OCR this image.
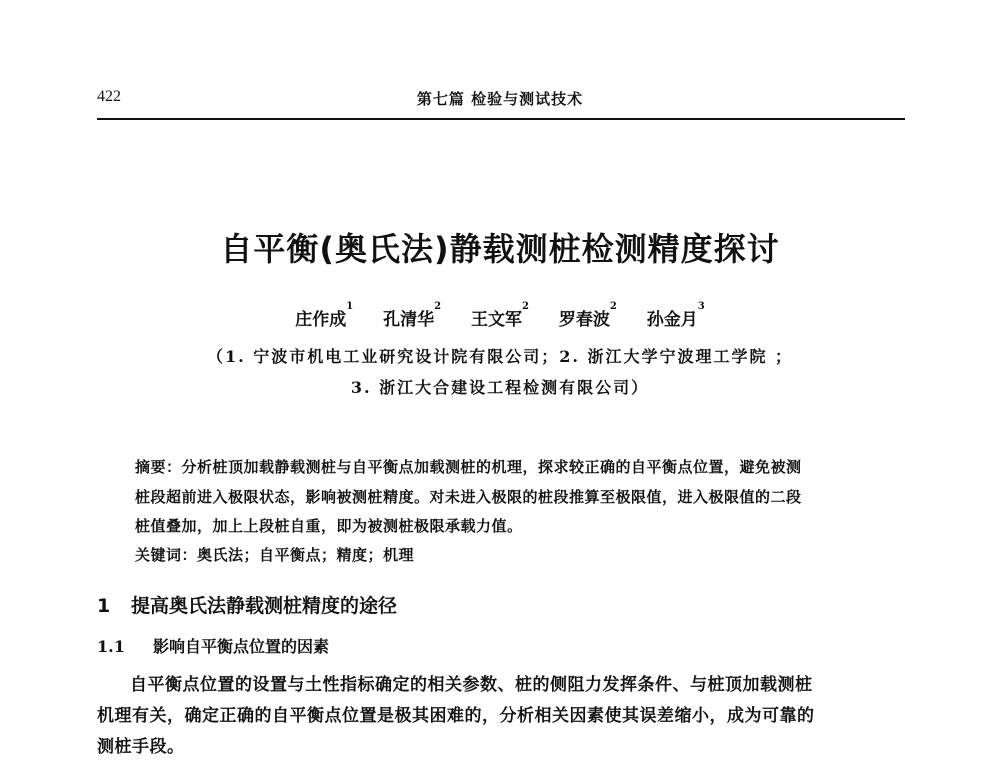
422	第七篇 检验与测试技术
自平衡(奥氏法)静载测桩检测精度探讨
庄作成$^1$ 孔清华$^2$ 王文军$^2$ 罗春波$^2$ 孙金月$^3$
（1. 宁波市机电工业研究设计院有限公司；2. 浙江大学宁波理工学院 ；
3. 浙江大合建设工程检测有限公司）
摘要：分析桩顶加载静载测桩与自平衡点加载测桩的机理，探求较正确的自平衡点位置，避免被测
桩段超前进入极限状态，影响被测桩精度。对未进入极限的桩段推算至极限值，进入极限值的二段
桩值叠加，加上上段桩自重，即为被测桩极限承载力值。
关键词：奥氏法；自平衡点；精度；机理
1 提高奥氏法静载测桩精度的途径
1.1 影响自平衡点位置的因素
自平衡点位置的设置与土性指标确定的相关参数、桩的侧阻力发挥条件、与桩顶加载测桩
机理有关，确定正确的自平衡点位置是极其困难的，分析相关因素使其误差缩小，成为可靠的
测桩手段。
